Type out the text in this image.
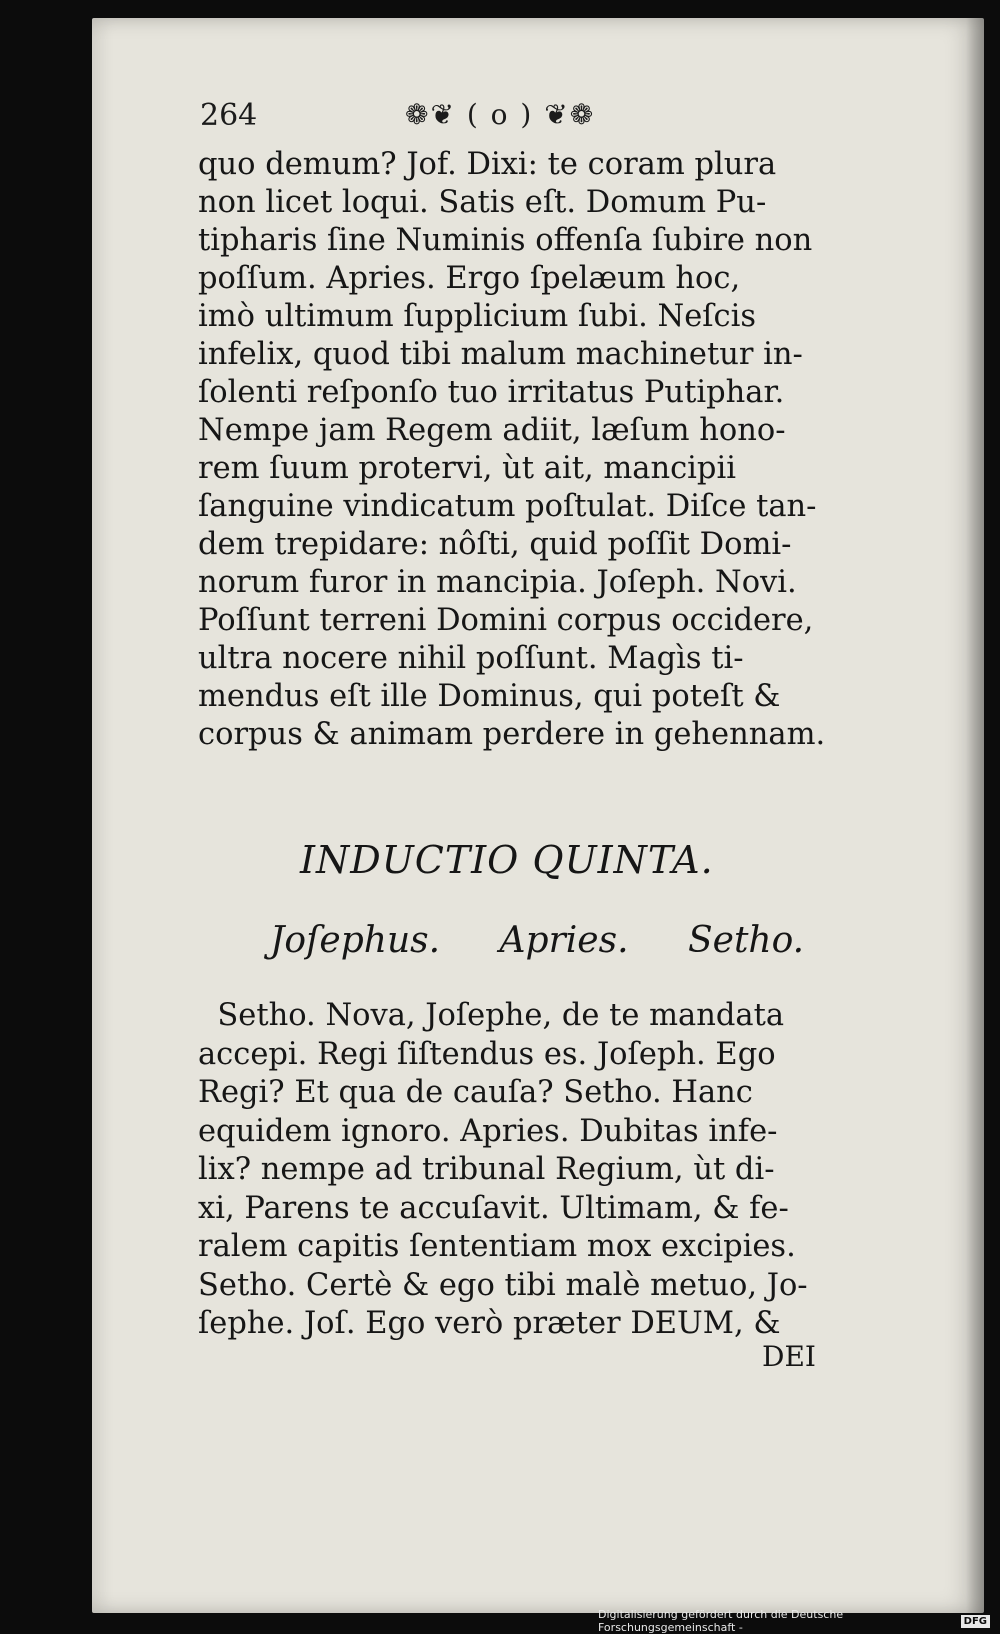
264	❁❦ ( o ) ❦❁
quo demum? Jof. Dixi: te coram plura
non licet loqui. Satis eſt. Domum Pu-
tipharis ſine Numinis offenſa ſubire non
poſſum. Apries. Ergo ſpelæum hoc,
imò ultimum ſupplicium ſubi. Neſcis
infelix, quod tibi malum machinetur in-
ſolenti reſponſo tuo irritatus Putiphar.
Nempe jam Regem adiit, læſum hono-
rem ſuum protervi, ùt ait, mancipii
ſanguine vindicatum poſtulat. Diſce tan-
dem trepidare: nôſti, quid poſſit Domi-
norum furor in mancipia. Joſeph. Novi.
Poſſunt terreni Domini corpus occidere,
ultra nocere nihil poſſunt. Magìs ti-
mendus eſt ille Dominus, qui poteſt &
corpus & animam perdere in gehennam.
INDUCTIO QUINTA.
Joſephus. Apries. Setho.
Setho. Nova, Joſephe, de te mandata
accepi. Regi ſiſtendus es. Joſeph. Ego
Regi? Et qua de cauſa? Setho. Hanc
equidem ignoro. Apries. Dubitas infe-
lix? nempe ad tribunal Regium, ùt di-
xi, Parens te accuſavit. Ultimam, & fe-
ralem capitis ſententiam mox excipies.
Setho. Certè & ego tibi malè metuo, Jo-
ſephe. Joſ. Ego verò præter DEUM, &
DEI
Digitalisierung gefördert durch die Deutsche Forschungsgemeinschaft -	DFG
